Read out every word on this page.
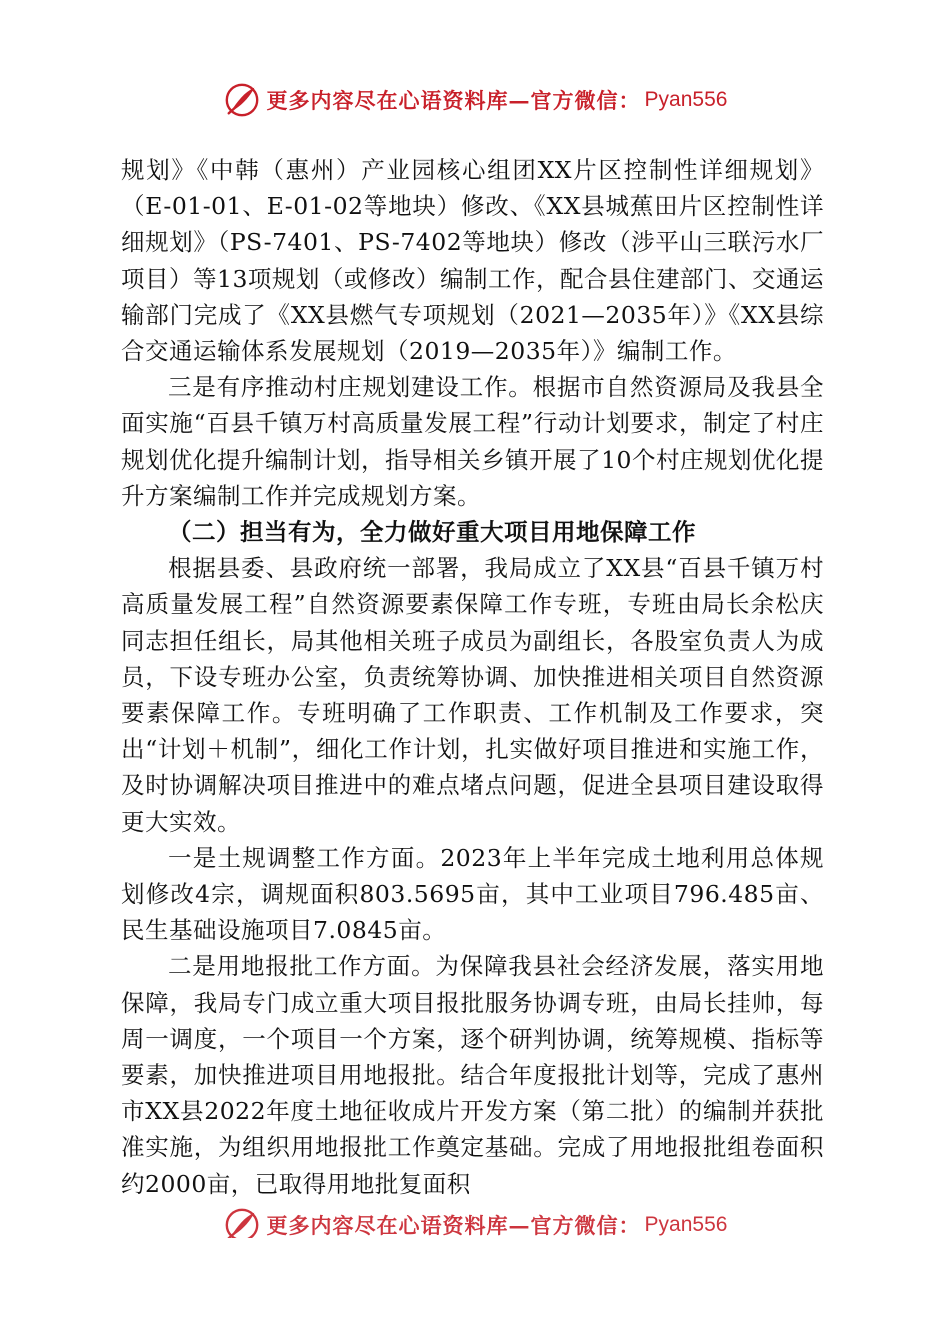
更多内容尽在心语资料库—官方微信： Pyan556

规划》《中韩（惠州）产业园核心组团XX片区控制性详细规划》（E-01-01、E-01-02等地块）修改、《XX县城蕉田片区控制性详细规划》（PS-7401、PS-7402等地块）修改（涉平山三联污水厂项目）等13项规划（或修改）编制工作，配合县住建部门、交通运输部门完成了《XX县燃气专项规划（2021—2035年）》《XX县综合交通运输体系发展规划（2019—2035年）》编制工作。

三是有序推动村庄规划建设工作。根据市自然资源局及我县全面实施“百县千镇万村高质量发展工程”行动计划要求，制定了村庄规划优化提升编制计划，指导相关乡镇开展了10个村庄规划优化提升方案编制工作并完成规划方案。

（二）担当有为，全力做好重大项目用地保障工作

根据县委、县政府统一部署，我局成立了XX县“百县千镇万村高质量发展工程”自然资源要素保障工作专班，专班由局长余松庆同志担任组长，局其他相关班子成员为副组长，各股室负责人为成员，下设专班办公室，负责统筹协调、加快推进相关项目自然资源要素保障工作。专班明确了工作职责、工作机制及工作要求，突出“计划＋机制”，细化工作计划，扎实做好项目推进和实施工作，及时协调解决项目推进中的难点堵点问题，促进全县项目建设取得更大实效。

一是土规调整工作方面。2023年上半年完成土地利用总体规划修改4宗，调规面积803.5695亩，其中工业项目796.485亩、民生基础设施项目7.0845亩。

二是用地报批工作方面。为保障我县社会经济发展，落实用地保障，我局专门成立重大项目报批服务协调专班，由局长挂帅，每周一调度，一个项目一个方案，逐个研判协调，统筹规模、指标等要素，加快推进项目用地报批。结合年度报批计划等，完成了惠州市XX县2022年度土地征收成片开发方案（第二批）的编制并获批准实施，为组织用地报批工作奠定基础。完成了用地报批组卷面积约2000亩，已取得用地批复面积

更多内容尽在心语资料库—官方微信： Pyan556
